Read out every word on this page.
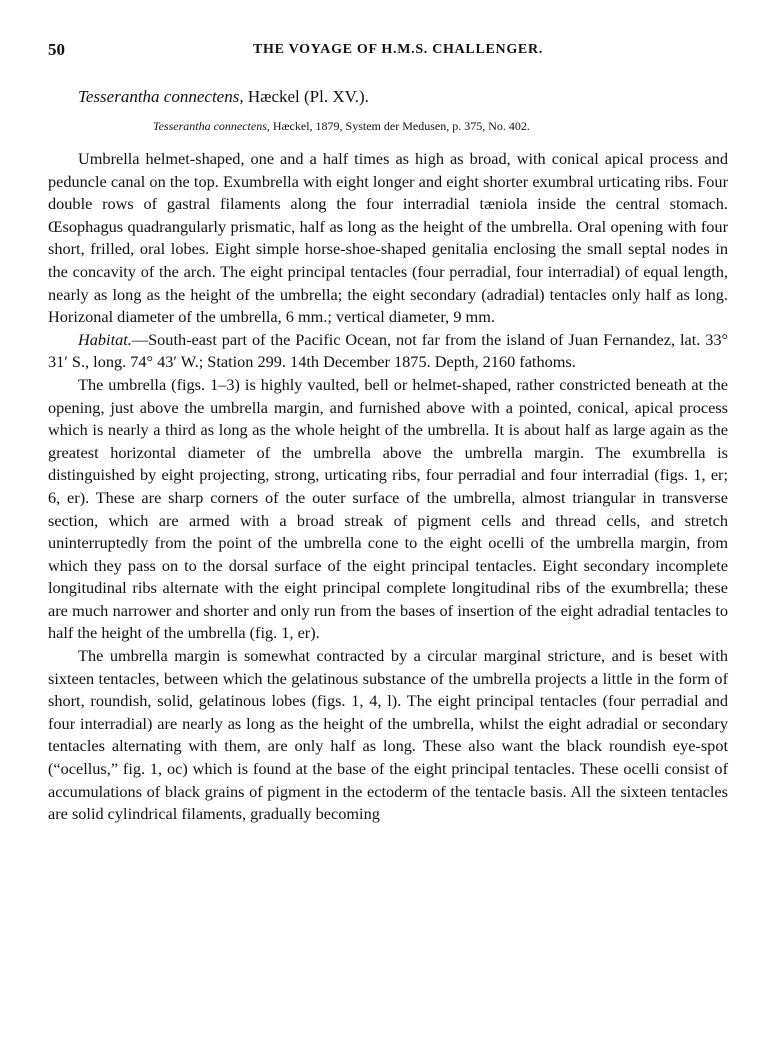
50	THE VOYAGE OF H.M.S. CHALLENGER.
Tesserantha connectens, Hæckel (Pl. XV.).
Tesserantha connectens, Hæckel, 1879, System der Medusen, p. 375, No. 402.

Umbrella helmet-shaped, one and a half times as high as broad, with conical apical process and peduncle canal on the top. Exumbrella with eight longer and eight shorter exumbral urticating ribs. Four double rows of gastral filaments along the four interradial tæniola inside the central stomach. Œsophagus quadrangularly prismatic, half as long as the height of the umbrella. Oral opening with four short, frilled, oral lobes. Eight simple horse-shoe-shaped genitalia enclosing the small septal nodes in the concavity of the arch. The eight principal tentacles (four perradial, four interradial) of equal length, nearly as long as the height of the umbrella; the eight secondary (adradial) tentacles only half as long. Horizonal diameter of the umbrella, 6 mm.; vertical diameter, 9 mm.

Habitat.—South-east part of the Pacific Ocean, not far from the island of Juan Fernandez, lat. 33° 31′ S., long. 74° 43′ W.; Station 299. 14th December 1875. Depth, 2160 fathoms.

The umbrella (figs. 1–3) is highly vaulted, bell or helmet-shaped, rather constricted beneath at the opening, just above the umbrella margin, and furnished above with a pointed, conical, apical process which is nearly a third as long as the whole height of the umbrella. It is about half as large again as the greatest horizontal diameter of the umbrella above the umbrella margin. The exumbrella is distinguished by eight projecting, strong, urticating ribs, four perradial and four interradial (figs. 1, er; 6, er). These are sharp corners of the outer surface of the umbrella, almost triangular in transverse section, which are armed with a broad streak of pigment cells and thread cells, and stretch uninterruptedly from the point of the umbrella cone to the eight ocelli of the umbrella margin, from which they pass on to the dorsal surface of the eight principal tentacles. Eight secondary incomplete longitudinal ribs alternate with the eight principal complete longitudinal ribs of the exumbrella; these are much narrower and shorter and only run from the bases of insertion of the eight adradial tentacles to half the height of the umbrella (fig. 1, er).

The umbrella margin is somewhat contracted by a circular marginal stricture, and is beset with sixteen tentacles, between which the gelatinous substance of the umbrella projects a little in the form of short, roundish, solid, gelatinous lobes (figs. 1, 4, l). The eight principal tentacles (four perradial and four interradial) are nearly as long as the height of the umbrella, whilst the eight adradial or secondary tentacles alternating with them, are only half as long. These also want the black roundish eye-spot (“ocellus,” fig. 1, oc) which is found at the base of the eight principal tentacles. These ocelli consist of accumulations of black grains of pigment in the ectoderm of the tentacle basis. All the sixteen tentacles are solid cylindrical filaments, gradually becoming
